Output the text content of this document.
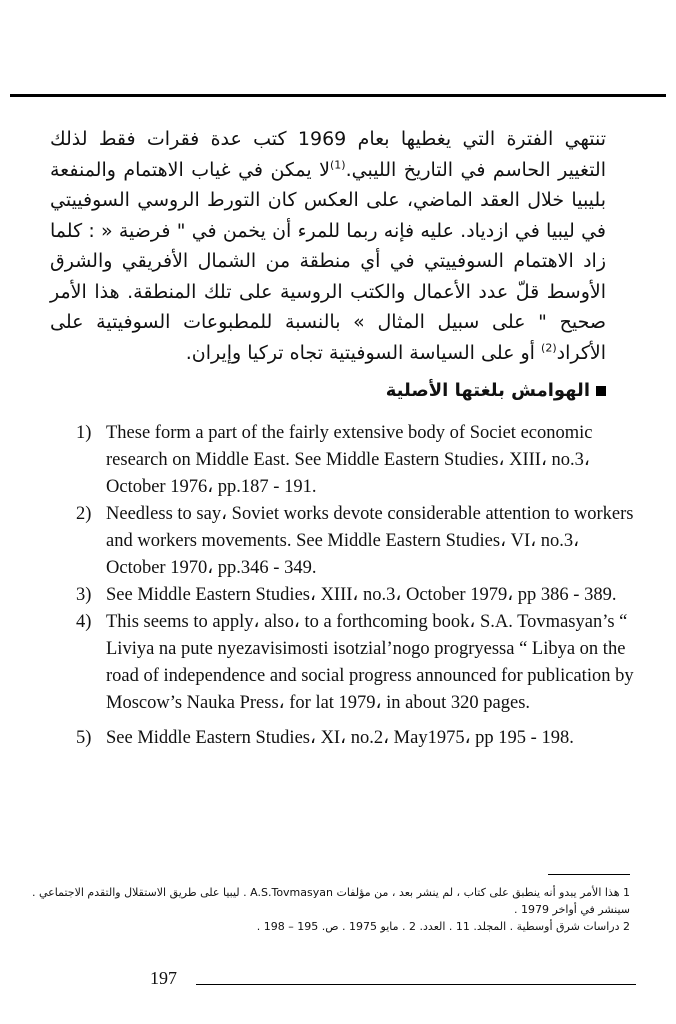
تنتهي الفترة التي يغطيها بعام 1969 كتب عدة فقرات فقط لذلك التغيير الحاسم في التاريخ الليبي.$^{(1)}$لا يمكن في غياب الاهتمام والمنفعة بليبيا خلال العقد الماضي، على العكس كان التورط الروسي السوفييتي في ليبيا في ازدياد. عليه فإنه ربما للمرء أن يخمن في " فرضية « : كلما زاد الاهتمام السوفييتي في أي منطقة من الشمال الأفريقي والشرق الأوسط قلّ عدد الأعمال والكتب الروسية على تلك المنطقة. هذا الأمر صحيح " على سبيل المثال » بالنسبة للمطبوعات السوفيتية على الأكراد$^{(2)}$ أو على السياسة السوفيتية تجاه تركيا وإيران.

الهوامش بلغتها الأصلية
1) These form a part of the fairly extensive body of Societ economic research on Middle East. See Middle Eastern Studies، XIII، no.3، October 1976، pp.187 - 191.
2) Needless to say، Soviet works devote considerable attention to workers and workers movements. See Middle Eastern Studies، VI، no.3، October 1970، pp.346 - 349.
3) See Middle Eastern Studies، XIII، no.3، October 1979، pp 386 - 389.
4) This seems to apply، also، to a forthcoming book، S.A. Tovmasyan’s “ Liviya na pute nyezavisimosti isotzial’nogo progryessa “ Libya on the road of independence and social progress announced for publication by Moscow’s Nauka Press، for lat 1979، in about 320 pages.
5) See Middle Eastern Studies، XI، no.2، May1975، pp 195 - 198.

1 هذا الأمر يبدو أنه ينطبق على كتاب ، لم ينشر بعد ، من مؤلفات A.S.Tovmasyan . ليبيا على طريق الاستقلال والتقدم الاجتماعي . سينشر في أواخر 1979 .

2 دراسات شرق أوسطية . المجلد. 11 . العدد. 2 . مايو 1975 . ص. 195 – 198 .

197
